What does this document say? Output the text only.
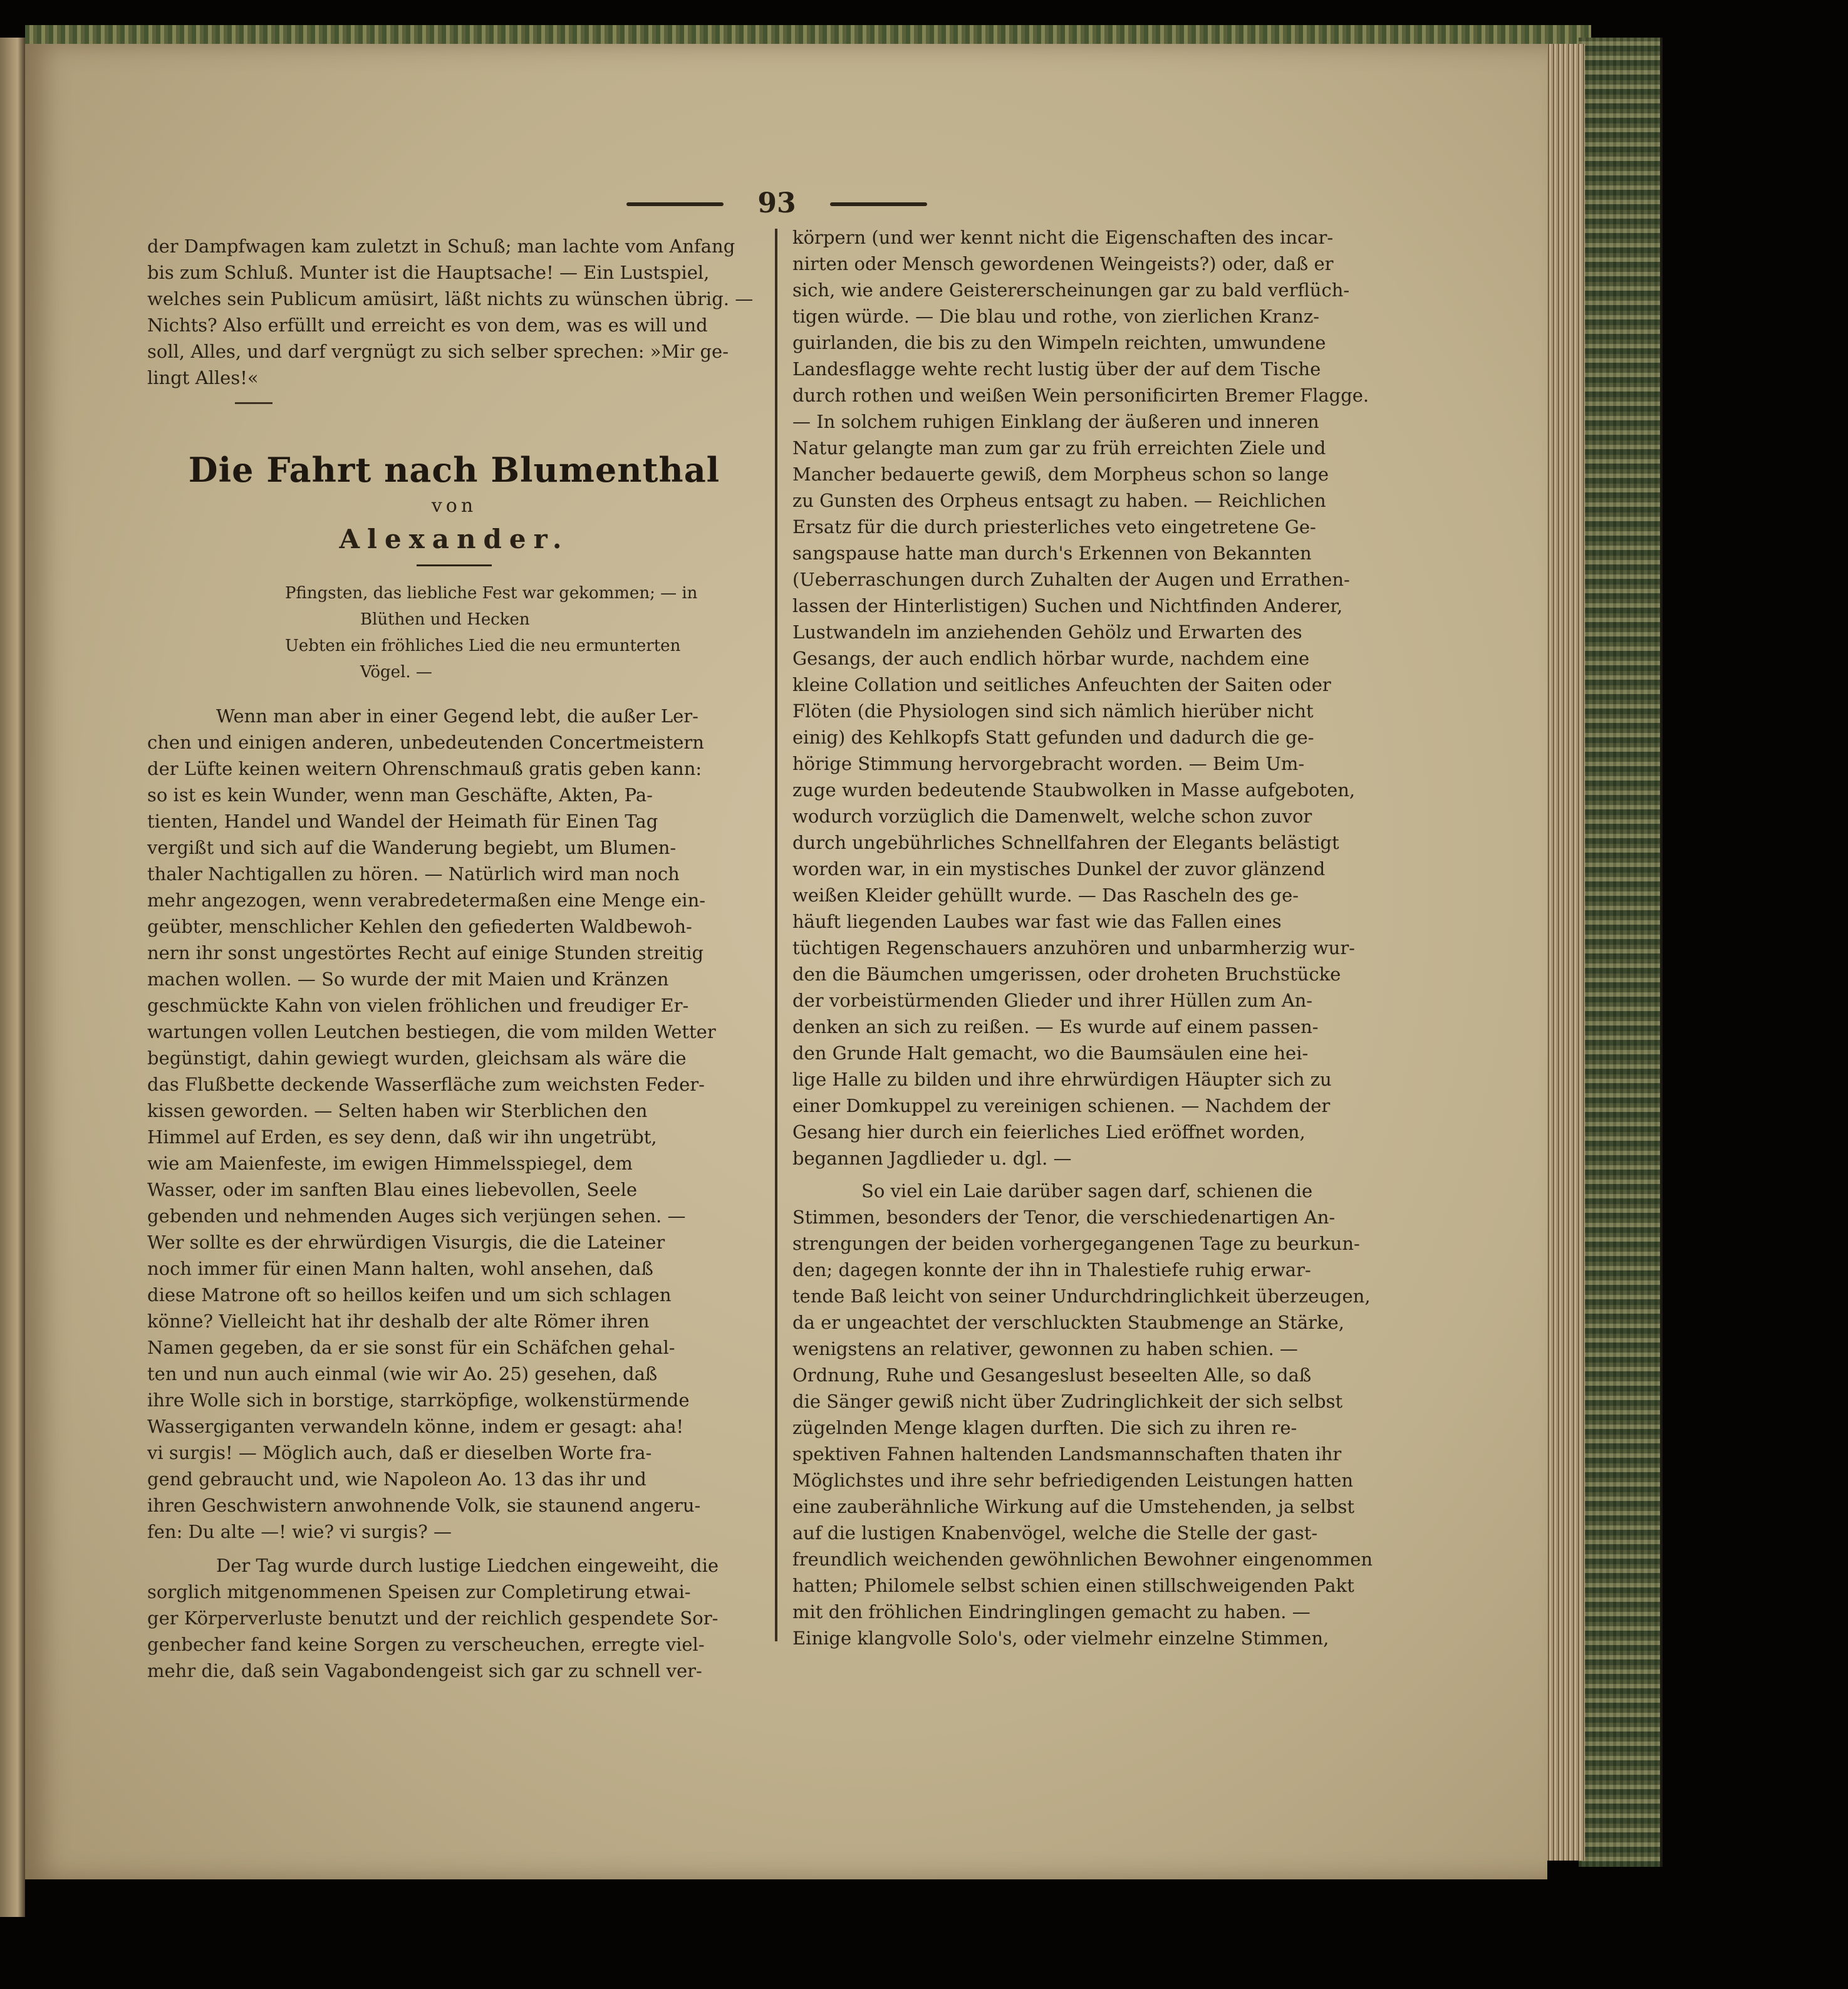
93
der Dampfwagen kam zuletzt in Schuß; man lachte vom Anfang
bis zum Schluß. Munter ist die Hauptsache! — Ein Lustspiel,
welches sein Publicum amüsirt, läßt nichts zu wünschen übrig. —
Nichts? Also erfüllt und erreicht es von dem, was es will und
soll, Alles, und darf vergnügt zu sich selber sprechen: »Mir ge-
lingt Alles!«
Die Fahrt nach Blumenthal
von
Alexander.
Pfingsten, das liebliche Fest war gekommen; — in
Blüthen und Hecken
Uebten ein fröhliches Lied die neu ermunterten
Vögel. —
Wenn man aber in einer Gegend lebt, die außer Ler-
chen und einigen anderen, unbedeutenden Concertmeistern
der Lüfte keinen weitern Ohrenschmauß gratis geben kann:
so ist es kein Wunder, wenn man Geschäfte, Akten, Pa-
tienten, Handel und Wandel der Heimath für Einen Tag
vergißt und sich auf die Wanderung begiebt, um Blumen-
thaler Nachtigallen zu hören. — Natürlich wird man noch
mehr angezogen, wenn verabredetermaßen eine Menge ein-
geübter, menschlicher Kehlen den gefiederten Waldbewoh-
nern ihr sonst ungestörtes Recht auf einige Stunden streitig
machen wollen. — So wurde der mit Maien und Kränzen
geschmückte Kahn von vielen fröhlichen und freudiger Er-
wartungen vollen Leutchen bestiegen, die vom milden Wetter
begünstigt, dahin gewiegt wurden, gleichsam als wäre die
das Flußbette deckende Wasserfläche zum weichsten Feder-
kissen geworden. — Selten haben wir Sterblichen den
Himmel auf Erden, es sey denn, daß wir ihn ungetrübt,
wie am Maienfeste, im ewigen Himmelsspiegel, dem
Wasser, oder im sanften Blau eines liebevollen, Seele
gebenden und nehmenden Auges sich verjüngen sehen. —
Wer sollte es der ehrwürdigen Visurgis, die die Lateiner
noch immer für einen Mann halten, wohl ansehen, daß
diese Matrone oft so heillos keifen und um sich schlagen
könne? Vielleicht hat ihr deshalb der alte Römer ihren
Namen gegeben, da er sie sonst für ein Schäfchen gehal-
ten und nun auch einmal (wie wir Ao. 25) gesehen, daß
ihre Wolle sich in borstige, starrköpfige, wolkenstürmende
Wassergiganten verwandeln könne, indem er gesagt: aha!
vi surgis! — Möglich auch, daß er dieselben Worte fra-
gend gebraucht und, wie Napoleon Ao. 13 das ihr und
ihren Geschwistern anwohnende Volk, sie staunend angeru-
fen: Du alte —! wie? vi surgis? —
Der Tag wurde durch lustige Liedchen eingeweiht, die
sorglich mitgenommenen Speisen zur Completirung etwai-
ger Körperverluste benutzt und der reichlich gespendete Sor-
genbecher fand keine Sorgen zu verscheuchen, erregte viel-
mehr die, daß sein Vagabondengeist sich gar zu schnell ver-
körpern (und wer kennt nicht die Eigenschaften des incar-
nirten oder Mensch gewordenen Weingeists?) oder, daß er
sich, wie andere Geistererscheinungen gar zu bald verflüch-
tigen würde. — Die blau und rothe, von zierlichen Kranz-
guirlanden, die bis zu den Wimpeln reichten, umwundene
Landesflagge wehte recht lustig über der auf dem Tische
durch rothen und weißen Wein personificirten Bremer Flagge.
— In solchem ruhigen Einklang der äußeren und inneren
Natur gelangte man zum gar zu früh erreichten Ziele und
Mancher bedauerte gewiß, dem Morpheus schon so lange
zu Gunsten des Orpheus entsagt zu haben. — Reichlichen
Ersatz für die durch priesterliches veto eingetretene Ge-
sangspause hatte man durch's Erkennen von Bekannten
(Ueberraschungen durch Zuhalten der Augen und Errathen-
lassen der Hinterlistigen) Suchen und Nichtfinden Anderer,
Lustwandeln im anziehenden Gehölz und Erwarten des
Gesangs, der auch endlich hörbar wurde, nachdem eine
kleine Collation und seitliches Anfeuchten der Saiten oder
Flöten (die Physiologen sind sich nämlich hierüber nicht
einig) des Kehlkopfs Statt gefunden und dadurch die ge-
hörige Stimmung hervorgebracht worden. — Beim Um-
zuge wurden bedeutende Staubwolken in Masse aufgeboten,
wodurch vorzüglich die Damenwelt, welche schon zuvor
durch ungebührliches Schnellfahren der Elegants belästigt
worden war, in ein mystisches Dunkel der zuvor glänzend
weißen Kleider gehüllt wurde. — Das Rascheln des ge-
häuft liegenden Laubes war fast wie das Fallen eines
tüchtigen Regenschauers anzuhören und unbarmherzig wur-
den die Bäumchen umgerissen, oder droheten Bruchstücke
der vorbeistürmenden Glieder und ihrer Hüllen zum An-
denken an sich zu reißen. — Es wurde auf einem passen-
den Grunde Halt gemacht, wo die Baumsäulen eine hei-
lige Halle zu bilden und ihre ehrwürdigen Häupter sich zu
einer Domkuppel zu vereinigen schienen. — Nachdem der
Gesang hier durch ein feierliches Lied eröffnet worden,
begannen Jagdlieder u. dgl. —
So viel ein Laie darüber sagen darf, schienen die
Stimmen, besonders der Tenor, die verschiedenartigen An-
strengungen der beiden vorhergegangenen Tage zu beurkun-
den; dagegen konnte der ihn in Thalestiefe ruhig erwar-
tende Baß leicht von seiner Undurchdringlichkeit überzeugen,
da er ungeachtet der verschluckten Staubmenge an Stärke,
wenigstens an relativer, gewonnen zu haben schien. —
Ordnung, Ruhe und Gesangeslust beseelten Alle, so daß
die Sänger gewiß nicht über Zudringlichkeit der sich selbst
zügelnden Menge klagen durften. Die sich zu ihren re-
spektiven Fahnen haltenden Landsmannschaften thaten ihr
Möglichstes und ihre sehr befriedigenden Leistungen hatten
eine zauberähnliche Wirkung auf die Umstehenden, ja selbst
auf die lustigen Knabenvögel, welche die Stelle der gast-
freundlich weichenden gewöhnlichen Bewohner eingenommen
hatten; Philomele selbst schien einen stillschweigenden Pakt
mit den fröhlichen Eindringlingen gemacht zu haben. —
Einige klangvolle Solo's, oder vielmehr einzelne Stimmen,
